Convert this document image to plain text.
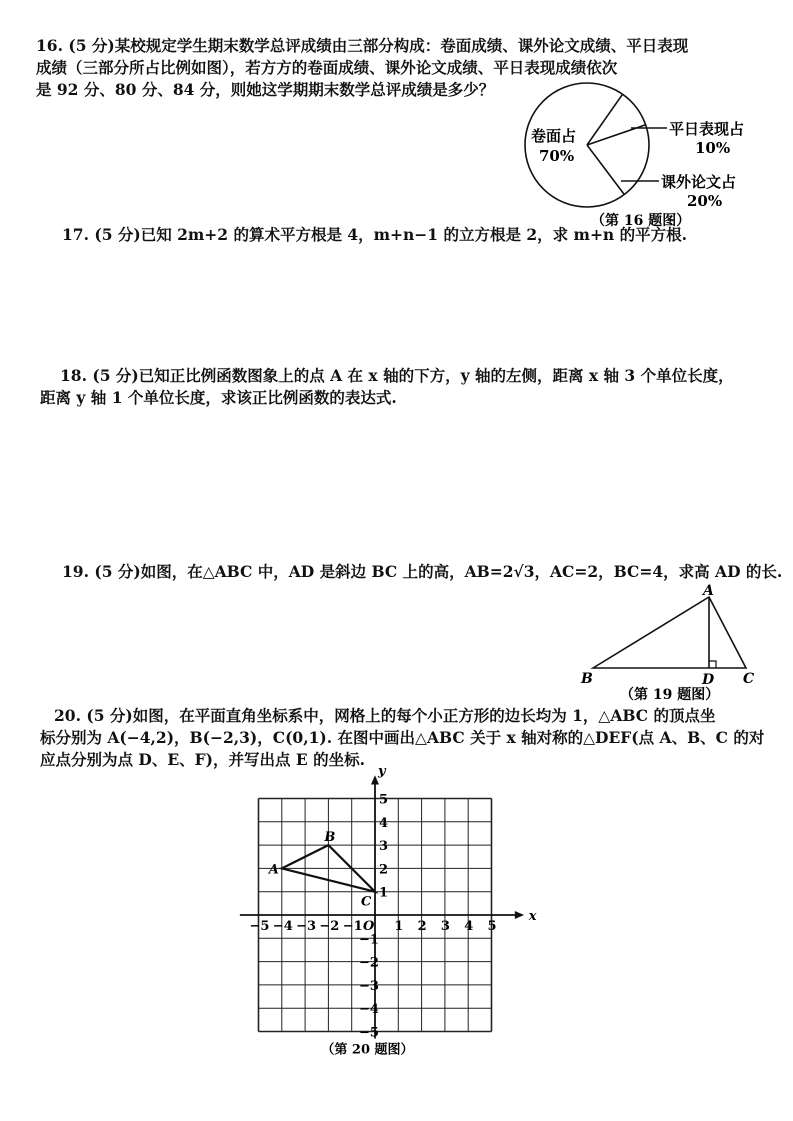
16. (5 分)某校规定学生期末数学总评成绩由三部分构成：卷面成绩、课外论文成绩、平日表现
成绩（三部分所占比例如图），若方方的卷面成绩、课外论文成绩、平日表现成绩依次
是 92 分、80 分、84 分，则她这学期期末数学总评成绩是多少？
卷面占
70%
平日表现占
10%
课外论文占
20%
（第 16 题图）
17. (5 分)已知 2m+2 的算术平方根是 4，m+n−1 的立方根是 2，求 m+n 的平方根.
18. (5 分)已知正比例函数图象上的点 A 在 x 轴的下方，y 轴的左侧，距离 x 轴 3 个单位长度，
距离 y 轴 1 个单位长度，求该正比例函数的表达式.
19. (5 分)如图，在△ABC 中，AD 是斜边 BC 上的高，AB=2√3，AC=2，BC=4，求高 AD 的长.
A
B	C
D
（第 19 题图）
20. (5 分)如图，在平面直角坐标系中，网格上的每个小正方形的边长均为 1，△ABC 的顶点坐
标分别为 A(−4,2)，B(−2,3)，C(0,1). 在图中画出△ABC 关于 x 轴对称的△DEF(点 A、B、C 的对
应点分别为点 D、E、F)，并写出点 E 的坐标.
−5 −4 −3 −2 −1 1 2 3 4 5
5
4
3
2
1
−1
−2
−3
−4
−5
A
B
C
x
y
O
（第 20 题图）
